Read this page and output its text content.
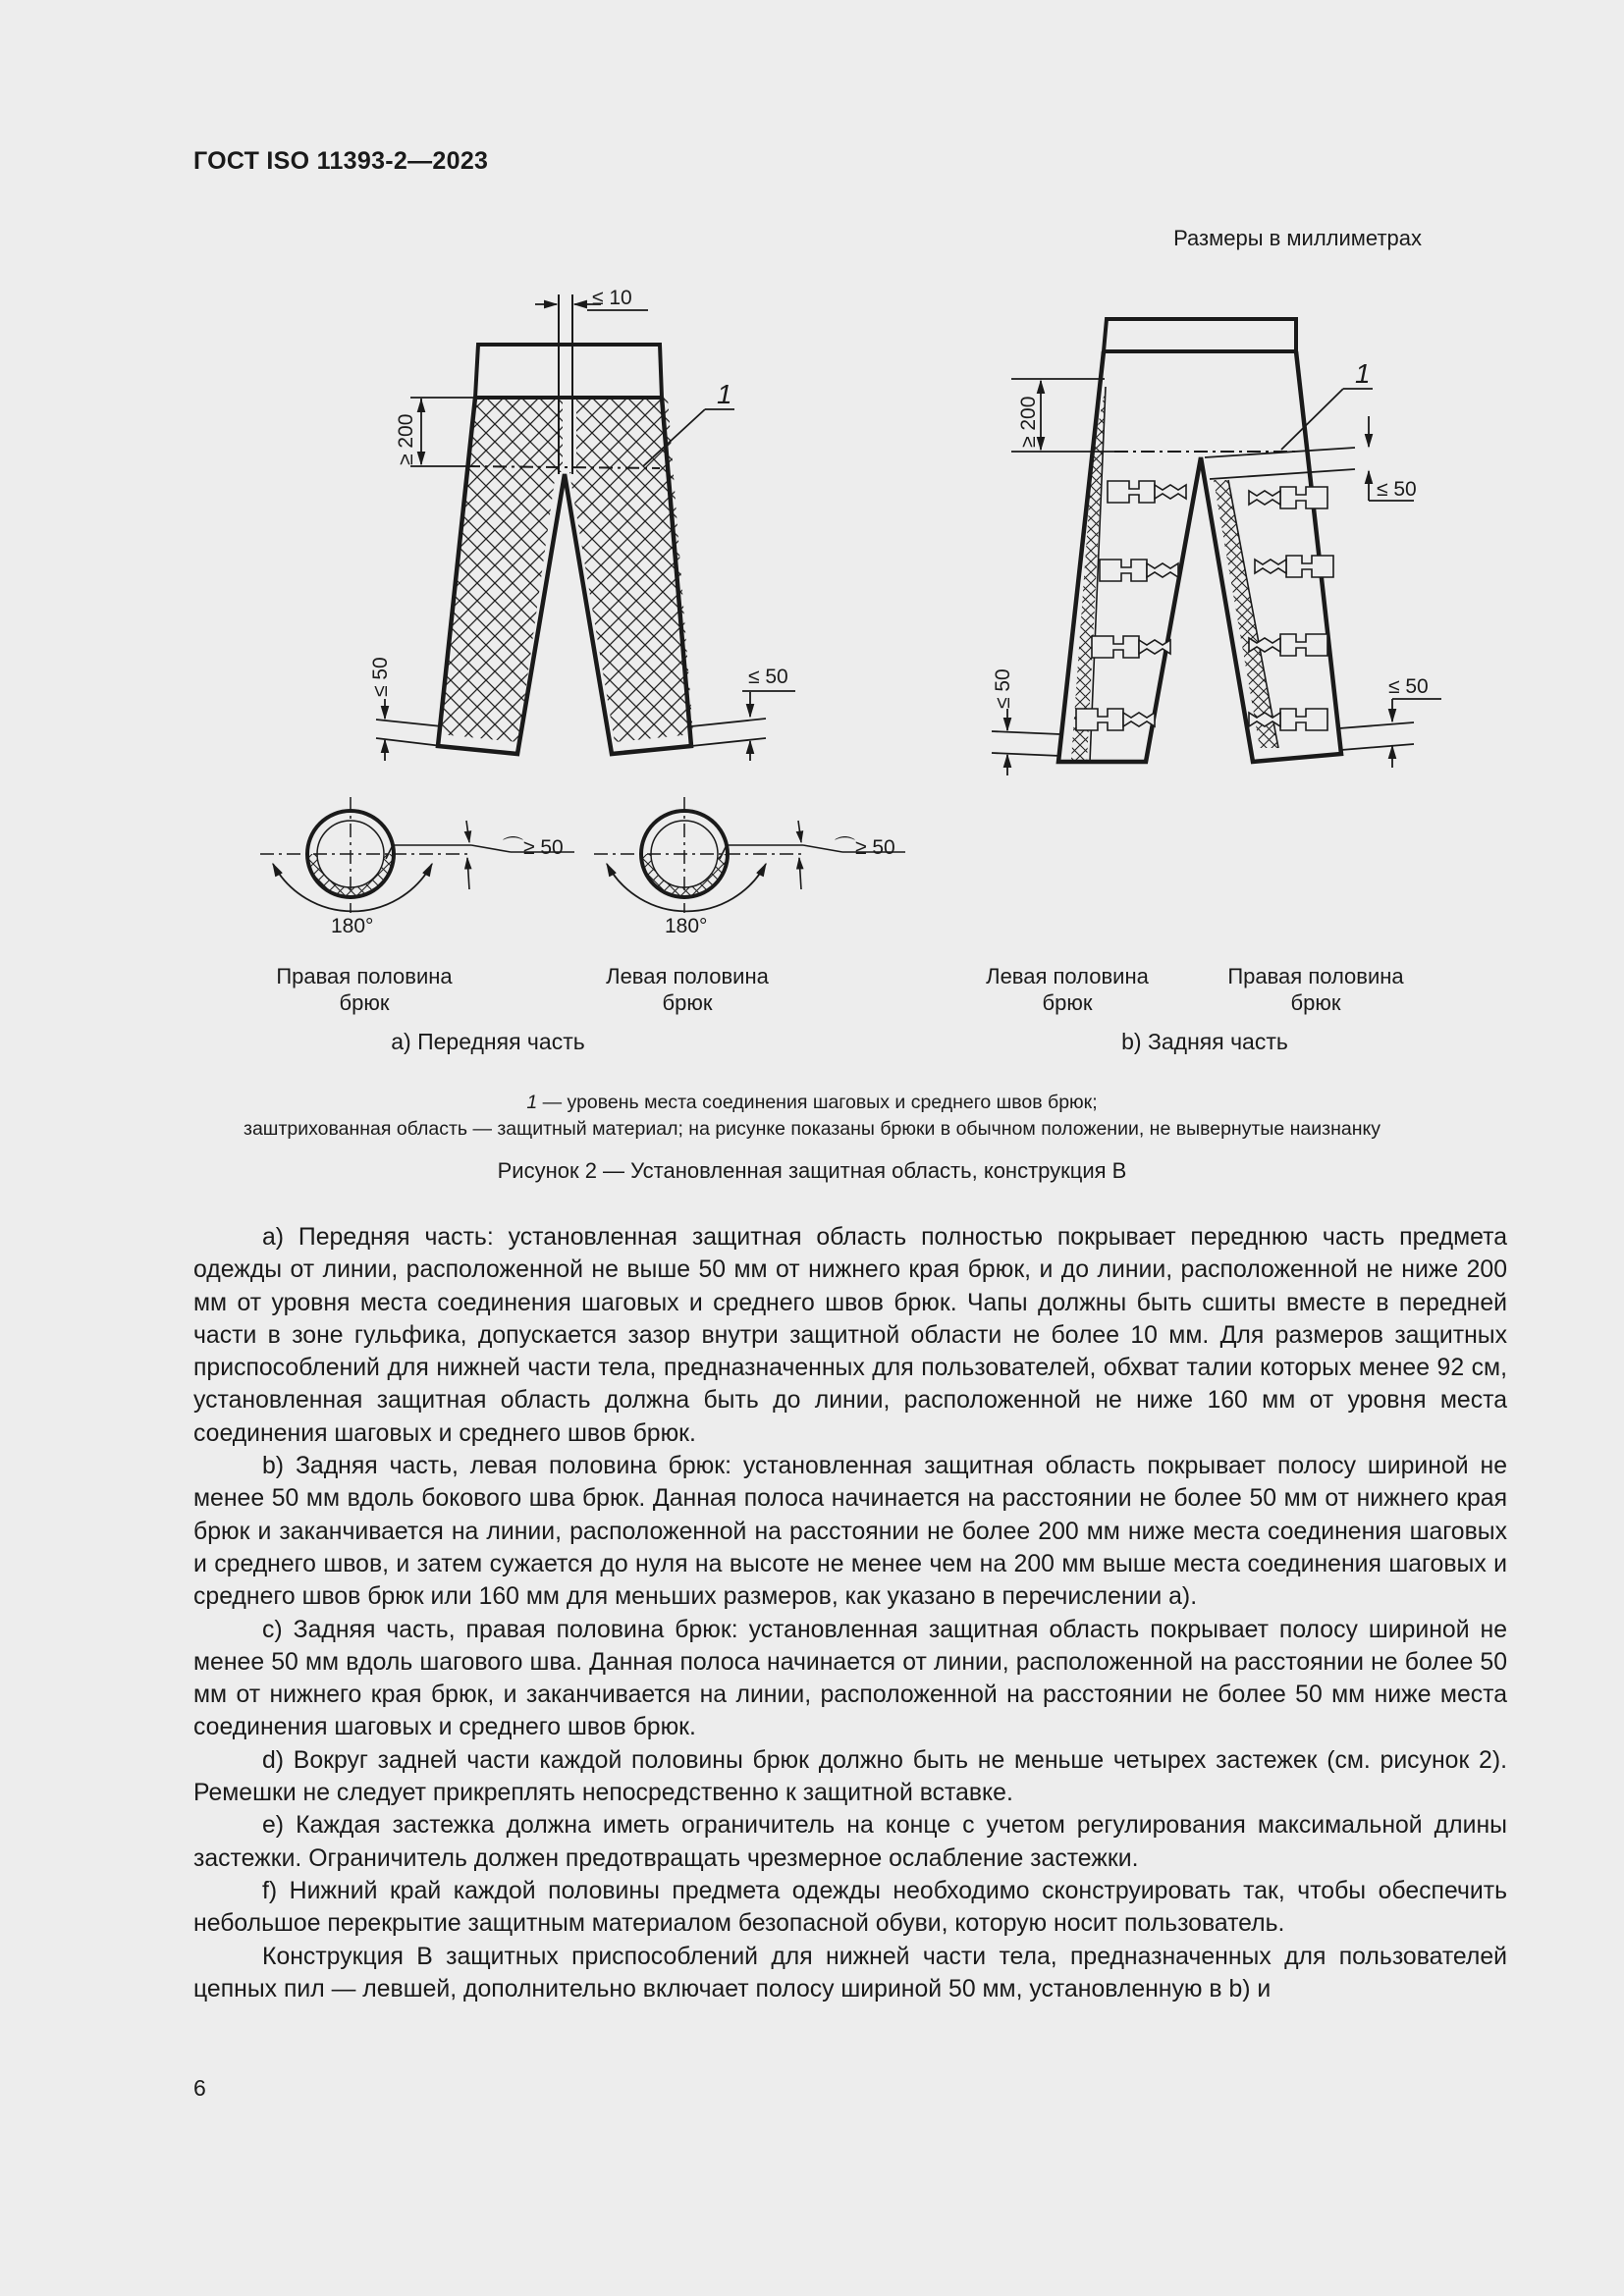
ГОСТ ISO 11393-2—2023
Размеры в миллиметрах
≤ 10
≥ 200
1
≤ 50	≤ 50
≥ 200
1
≤ 50
≤ 50	≤ 50
180°
⌒≥ 50
180°
⌒≥ 50
Правая половина
брюк
Левая половина
брюк
Левая половина
брюк
Правая половина
брюк
а) Передняя часть	b) Задняя часть
1 — уровень места соединения шаговых и среднего швов брюк;
заштрихованная область — защитный материал; на рисунке показаны брюки в обычном положении, не вывернутые наизнанку
Рисунок 2 — Установленная защитная область, конструкция В

а) Передняя часть: установленная защитная область полностью покрывает переднюю часть предмета одежды от линии, расположенной не выше 50 мм от нижнего края брюк, и до линии, расположенной не ниже 200 мм от уровня места соединения шаговых и среднего швов брюк. Чапы должны быть сшиты вместе в передней части в зоне гульфика, допускается зазор внутри защитной области не более 10 мм. Для размеров защитных приспособлений для нижней части тела, предназначенных для пользователей, обхват талии которых менее 92 см, установленная защитная область должна быть до линии, расположенной не ниже 160 мм от уровня места соединения шаговых и среднего швов брюк.

b) Задняя часть, левая половина брюк: установленная защитная область покрывает полосу шириной не менее 50 мм вдоль бокового шва брюк. Данная полоса начинается на расстоянии не более 50 мм от нижнего края брюк и заканчивается на линии, расположенной на расстоянии не более 200 мм ниже места соединения шаговых и среднего швов, и затем сужается до нуля на высоте не менее чем на 200 мм выше места соединения шаговых и среднего швов брюк или 160 мм для меньших размеров, как указано в перечислении а).

c) Задняя часть, правая половина брюк: установленная защитная область покрывает полосу шириной не менее 50 мм вдоль шагового шва. Данная полоса начинается от линии, расположенной на расстоянии не более 50 мм от нижнего края брюк, и заканчивается на линии, расположенной на расстоянии не более 50 мм ниже места соединения шаговых и среднего швов брюк.

d) Вокруг задней части каждой половины брюк должно быть не меньше четырех застежек (см. рисунок 2). Ремешки не следует прикреплять непосредственно к защитной вставке.

e) Каждая застежка должна иметь ограничитель на конце с учетом регулирования максимальной длины застежки. Ограничитель должен предотвращать чрезмерное ослабление застежки.

f) Нижний край каждой половины предмета одежды необходимо сконструировать так, чтобы обеспечить небольшое перекрытие защитным материалом безопасной обуви, которую носит пользователь.

Конструкция В защитных приспособлений для нижней части тела, предназначенных для пользователей цепных пил — левшей, дополнительно включает полосу шириной 50 мм, установленную в b) и

6
